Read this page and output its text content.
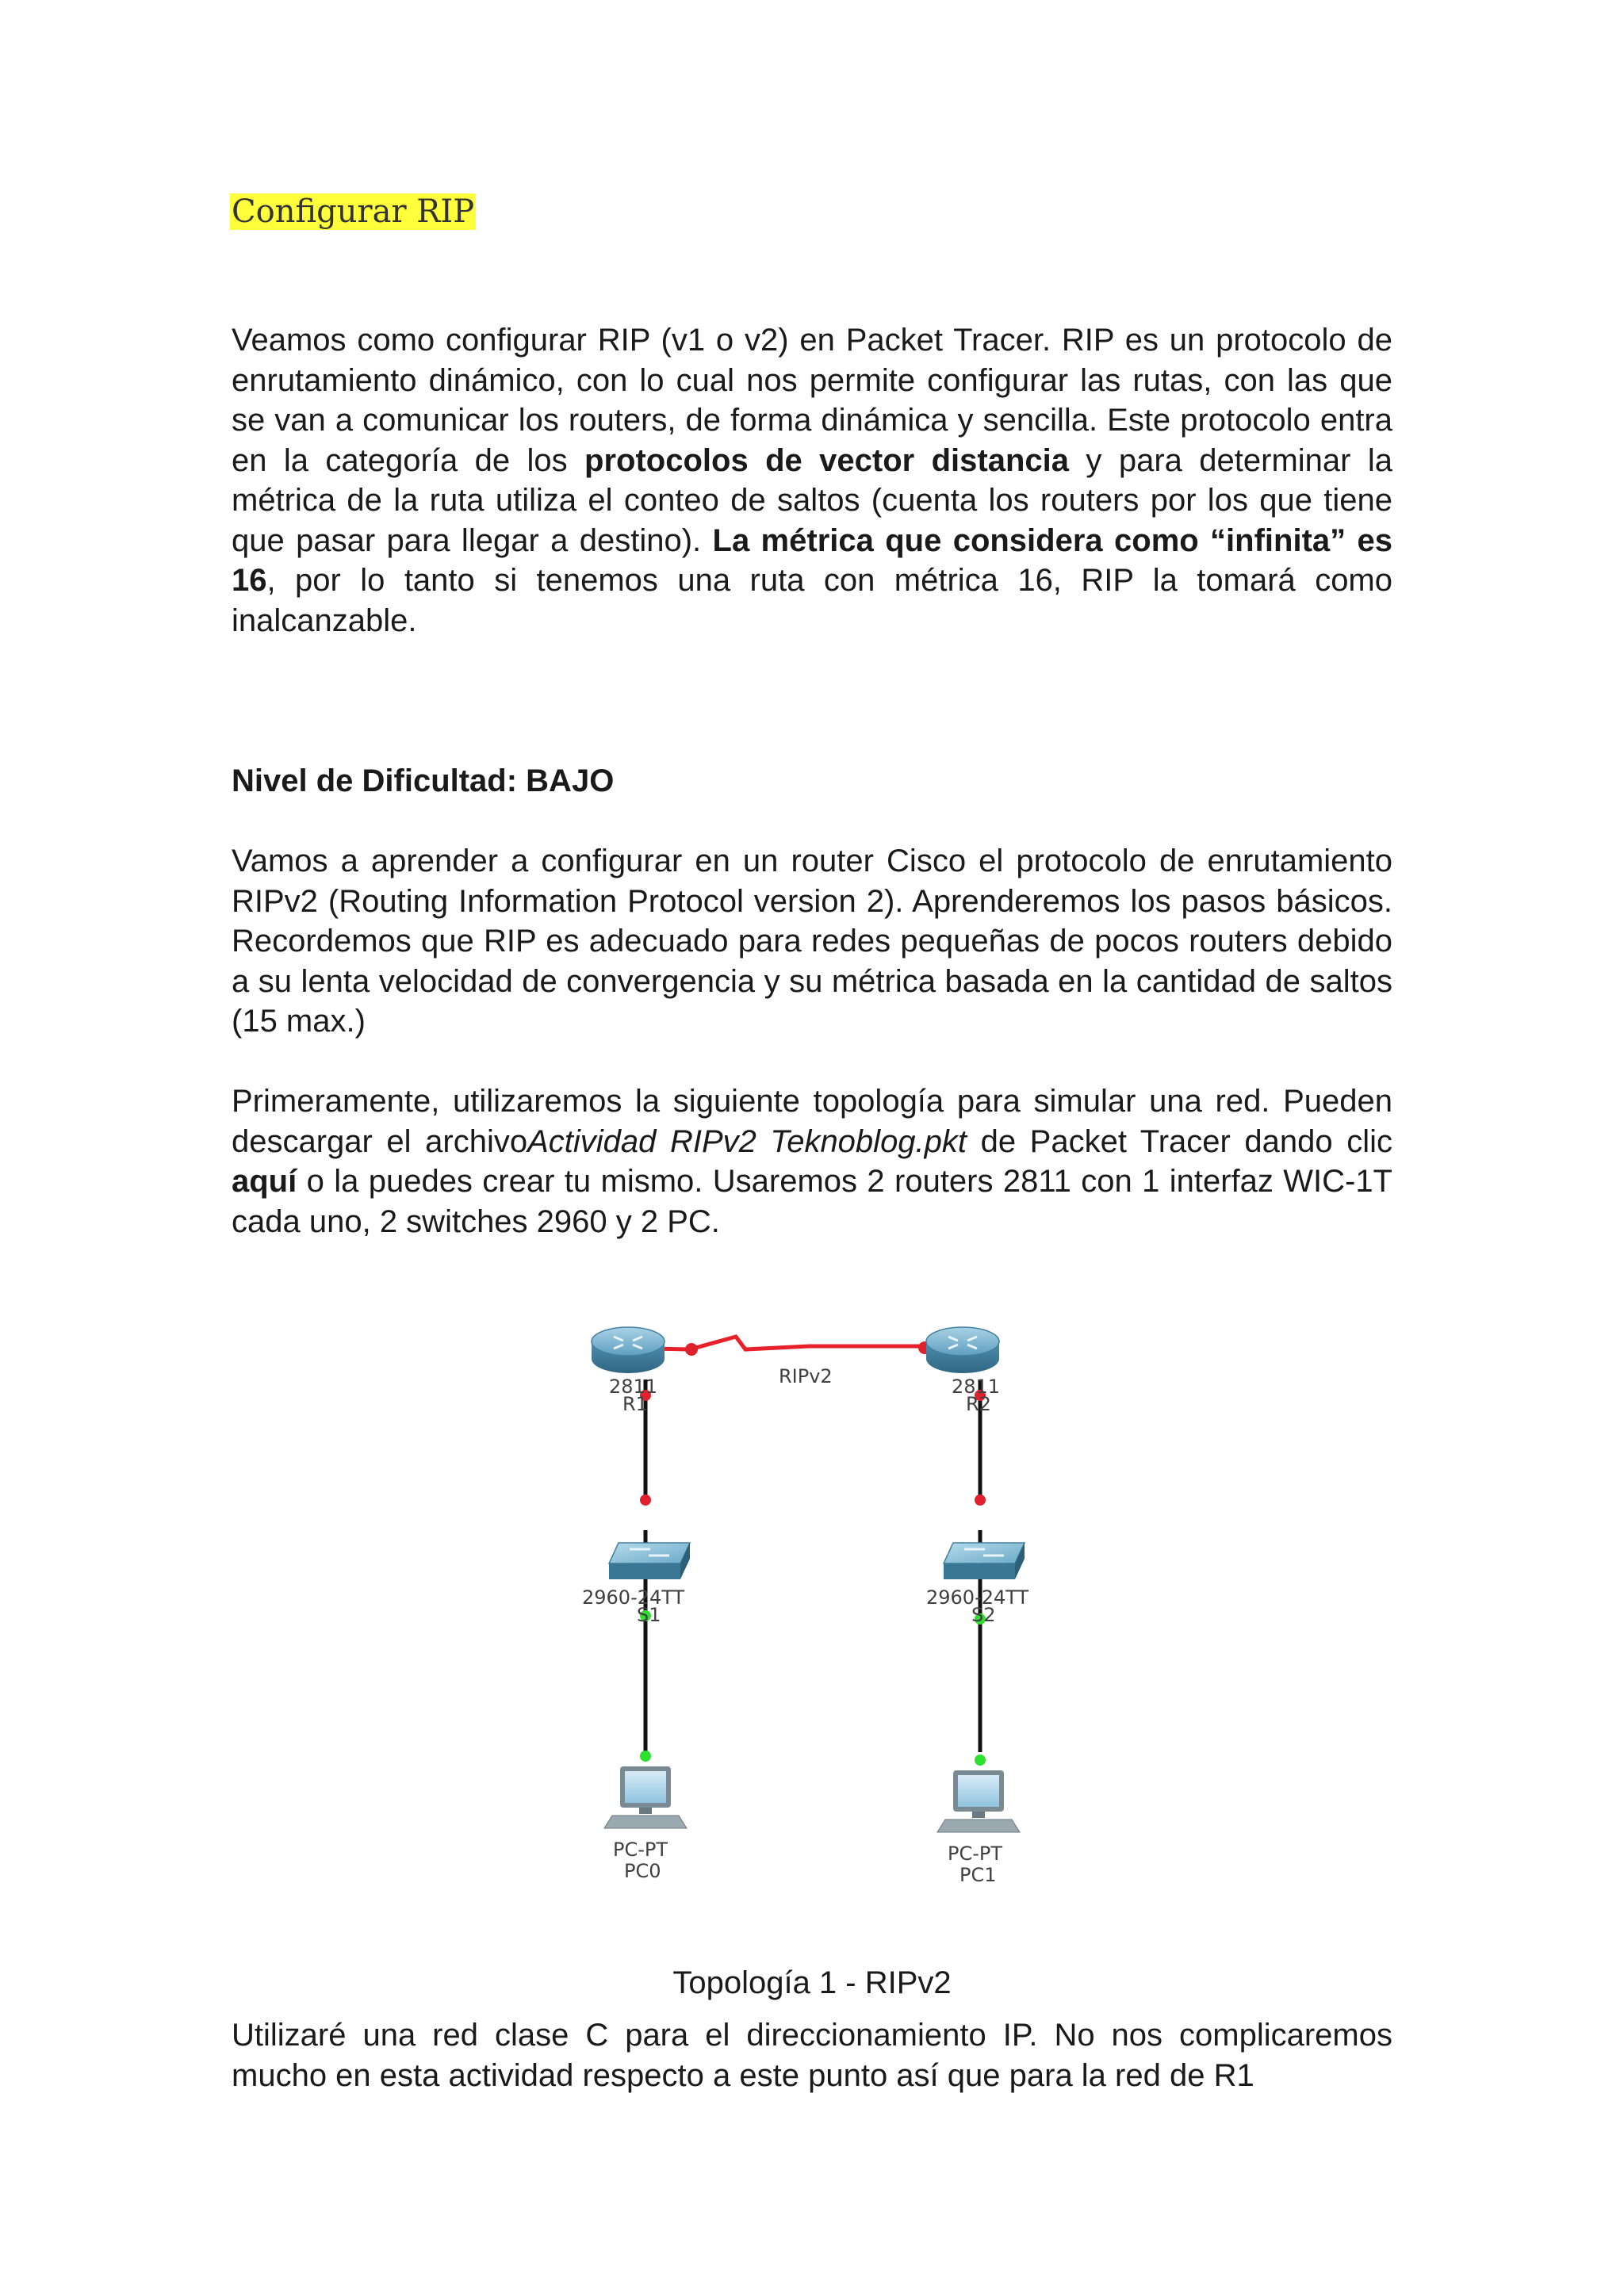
Configurar RIP
Veamos como configurar RIP (v1 o v2) en Packet Tracer. RIP es un protocolo de enrutamiento dinámico, con lo cual nos permite configurar las rutas, con las que se van a comunicar los routers, de forma dinámica y sencilla. Este protocolo entra en la categoría de los protocolos de vector distancia y para determinar la métrica de la ruta utiliza el conteo de saltos (cuenta los routers por los que tiene que pasar para llegar a destino). La métrica que considera como “infinita” es 16, por lo tanto si tenemos una ruta con métrica 16, RIP la tomará como inalcanzable.
Nivel de Dificultad: BAJO
Vamos a aprender a configurar en un router Cisco el protocolo de enrutamiento RIPv2 (Routing Information Protocol version 2). Aprenderemos los pasos básicos. Recordemos que RIP es adecuado para redes pequeñas de pocos routers debido a su lenta velocidad de convergencia y su métrica basada en la cantidad de saltos (15 max.)
Primeramente, utilizaremos la siguiente topología para simular una red. Pueden descargar el archivoActividad RIPv2 Teknoblog.pkt de Packet Tracer dando clic aquí o la puedes crear tu mismo. Usaremos 2 routers 2811 con 1 interfaz WIC-1T cada uno, 2 switches 2960 y 2 PC.
RIPv2
2811
R1
2811
R2
2960-24TT
S1
2960-24TT
S2
PC-PT
PC0
PC-PT
PC1
Topología 1 - RIPv2
Utilizaré una red clase C para el direccionamiento IP. No nos complicaremos mucho en esta actividad respecto a este punto así que para la red de R1
